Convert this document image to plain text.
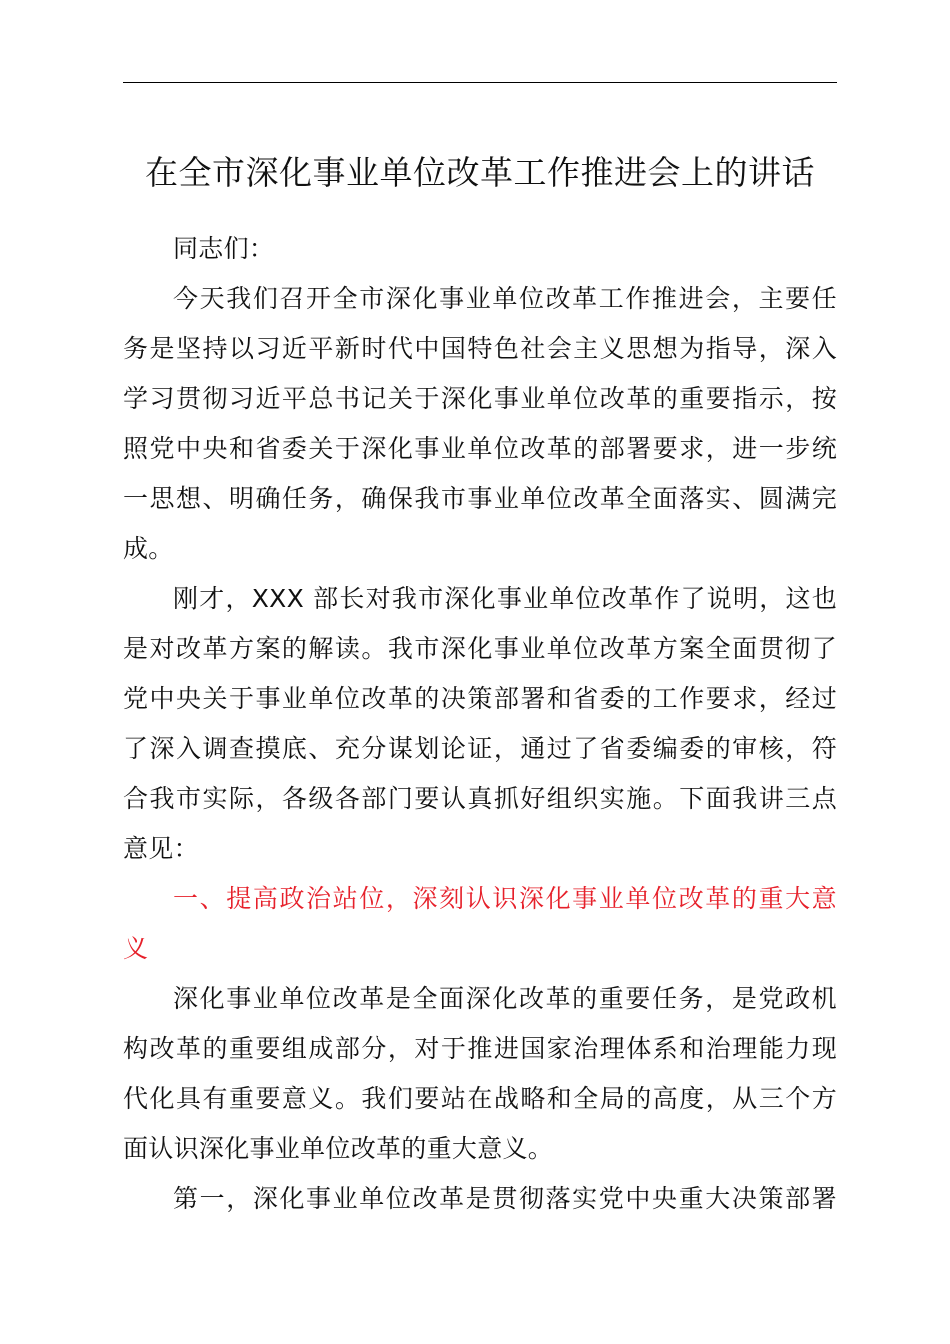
在全市深化事业单位改革工作推进会上的讲话
同志们：
今天我们召开全市深化事业单位改革工作推进会，主要任
务是坚持以习近平新时代中国特色社会主义思想为指导，深入
学习贯彻习近平总书记关于深化事业单位改革的重要指示，按
照党中央和省委关于深化事业单位改革的部署要求，进一步统
一思想、明确任务，确保我市事业单位改革全面落实、圆满完
成。
刚才，XXX 部长对我市深化事业单位改革作了说明，这也
是对改革方案的解读。我市深化事业单位改革方案全面贯彻了
党中央关于事业单位改革的决策部署和省委的工作要求，经过
了深入调查摸底、充分谋划论证，通过了省委编委的审核，符
合我市实际，各级各部门要认真抓好组织实施。下面我讲三点
意见：
一、提高政治站位，深刻认识深化事业单位改革的重大意
义
深化事业单位改革是全面深化改革的重要任务，是党政机
构改革的重要组成部分，对于推进国家治理体系和治理能力现
代化具有重要意义。我们要站在战略和全局的高度，从三个方
面认识深化事业单位改革的重大意义。
第一，深化事业单位改革是贯彻落实党中央重大决策部署
